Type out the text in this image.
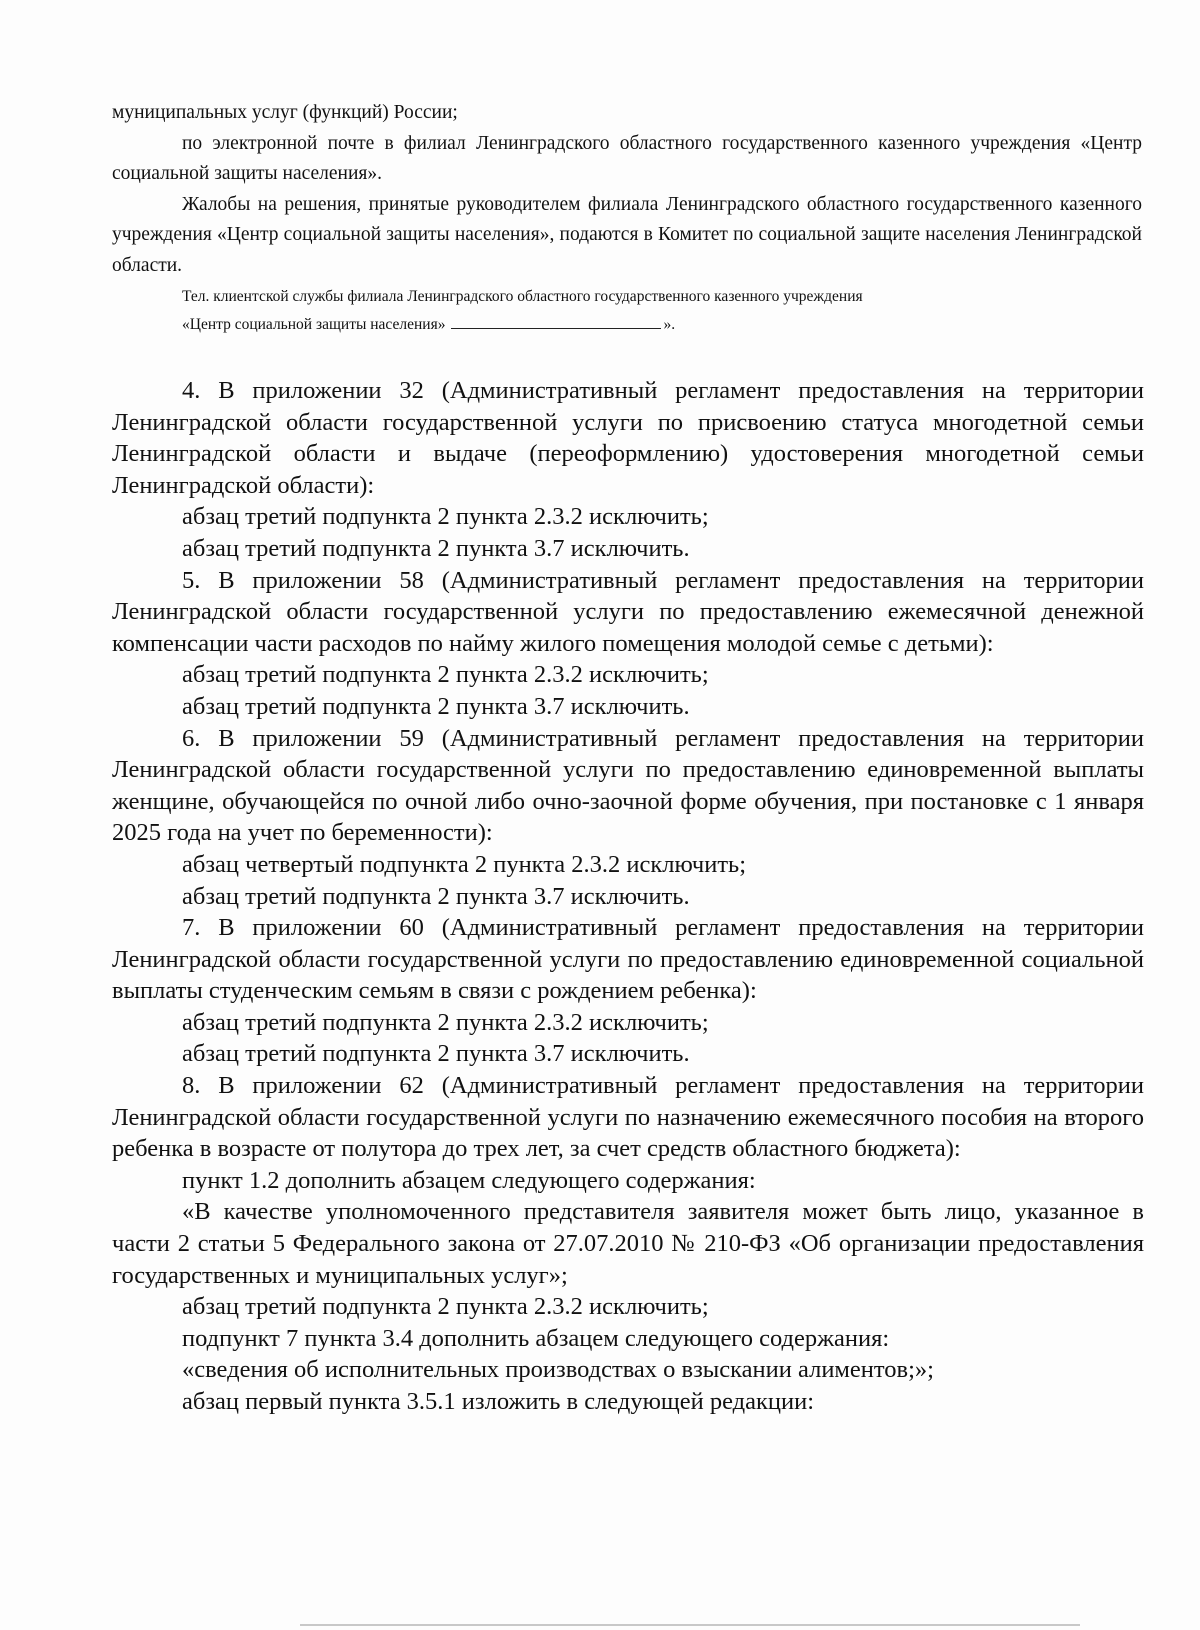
муниципальных услуг (функций) России;

по электронной почте в филиал Ленинградского областного государственного казенного учреждения «Центр социальной защиты населения».

Жалобы на решения, принятые руководителем филиала Ленинградского областного государственного казенного учреждения «Центр социальной защиты населения», подаются в Комитет по социальной защите населения Ленинградской области.

Тел. клиентской службы филиала Ленинградского областного государственного казенного учреждения

«Центр социальной защиты населения»	».

4. В приложении 32 (Административный регламент предоставления на территории Ленинградской области государственной услуги по присвоению статуса многодетной семьи Ленинградской области и выдаче (переоформлению) удостоверения многодетной семьи Ленинградской области):

абзац третий подпункта 2 пункта 2.3.2 исключить;

абзац третий подпункта 2 пункта 3.7 исключить.

5. В приложении 58 (Административный регламент предоставления на территории Ленинградской области государственной услуги по предоставлению ежемесячной денежной компенсации части расходов по найму жилого помещения молодой семье с детьми):

абзац третий подпункта 2 пункта 2.3.2 исключить;

абзац третий подпункта 2 пункта 3.7 исключить.

6. В приложении 59 (Административный регламент предоставления на территории Ленинградской области государственной услуги по предоставлению единовременной выплаты женщине, обучающейся по очной либо очно-заочной форме обучения, при постановке с 1 января 2025 года на учет по беременности):

абзац четвертый подпункта 2 пункта 2.3.2 исключить;

абзац третий подпункта 2 пункта 3.7 исключить.

7. В приложении 60 (Административный регламент предоставления на территории Ленинградской области государственной услуги по предоставлению единовременной социальной выплаты студенческим семьям в связи с рождением ребенка):

абзац третий подпункта 2 пункта 2.3.2 исключить;

абзац третий подпункта 2 пункта 3.7 исключить.

8. В приложении 62 (Административный регламент предоставления на территории Ленинградской области государственной услуги по назначению ежемесячного пособия на второго ребенка в возрасте от полутора до трех лет, за счет средств областного бюджета):

пункт 1.2 дополнить абзацем следующего содержания:

«В качестве уполномоченного представителя заявителя может быть лицо, указанное в части 2 статьи 5 Федерального закона от 27.07.2010 № 210-ФЗ «Об организации предоставления государственных и муниципальных услуг»;

абзац третий подпункта 2 пункта 2.3.2 исключить;

подпункт 7 пункта 3.4 дополнить абзацем следующего содержания:

«сведения об исполнительных производствах о взыскании алиментов;»;

абзац первый пункта 3.5.1 изложить в следующей редакции:
